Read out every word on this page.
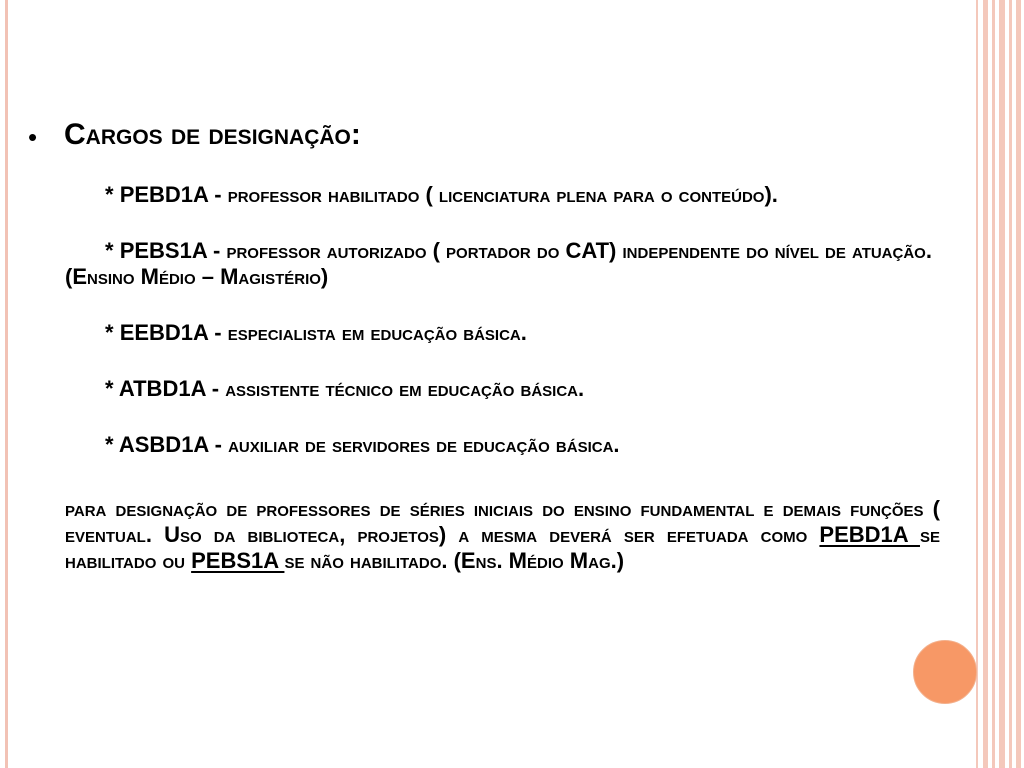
• Cargos de designação:
* PEBD1A - professor habilitado ( licenciatura plena para o conteúdo).
* PEBS1A - professor autorizado ( portador do CAT) independente do nível de atuação. (Ensino Médio – Magistério)
* EEBD1A - especialista em educação básica.
* ATBD1A - assistente técnico em educação básica.
* ASBD1A - auxiliar de servidores de educação básica.
para designação de professores de séries iniciais do ensino fundamental e demais funções ( eventual. Uso da biblioteca, projetos) a mesma deverá ser efetuada como PEBD1A se habilitado ou PEBS1A se não habilitado. (Ens. Médio Mag.)
